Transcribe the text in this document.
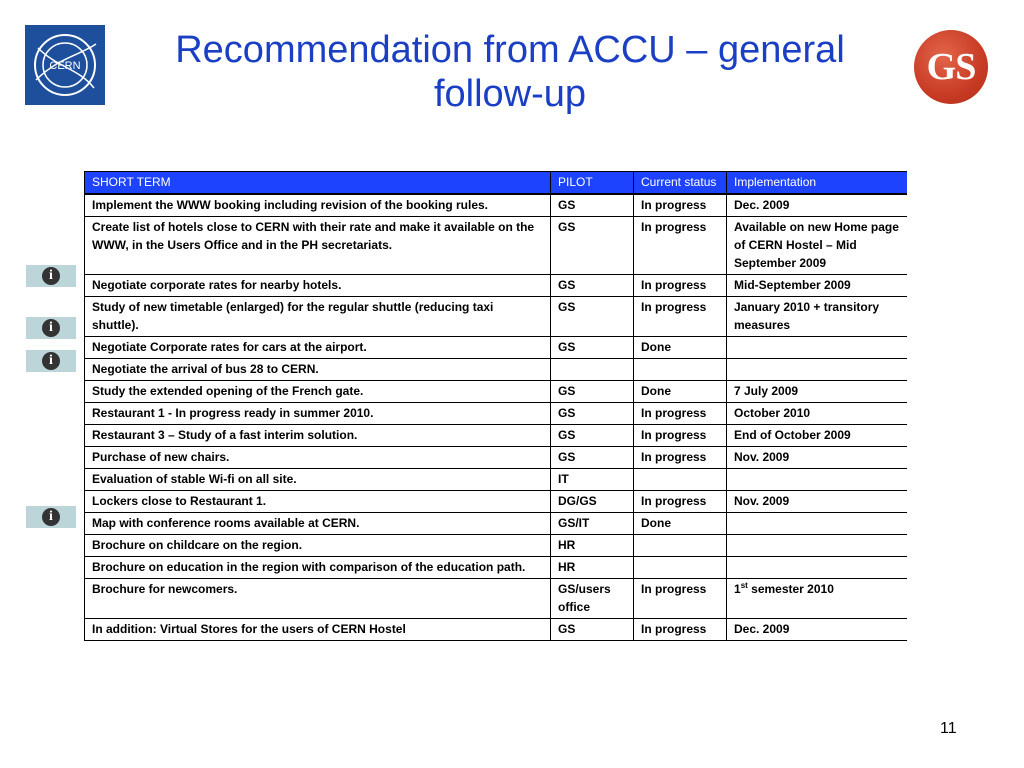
CERN	Recommendation from ACCU – general
follow-up
GS
i
i
i
i
SHORT TERM	PILOT	Current status	Implementation
Implement the WWW booking including revision of the booking rules.	GS	In progress	Dec. 2009
Create list of hotels close to CERN with their rate and make it available on the WWW, in the Users Office and in the PH secretariats.	GS	In progress	Available on new Home page of CERN Hostel – Mid September 2009
Negotiate corporate rates for nearby hotels.	GS	In progress	Mid-September 2009
Study of new timetable (enlarged) for the regular shuttle (reducing taxi shuttle).	GS	In progress	January 2010 + transitory measures
Negotiate Corporate rates for cars at the airport.	GS	Done	
Negotiate the arrival of bus 28 to CERN.			
Study the extended opening of the French gate.	GS	Done	7 July 2009
Restaurant 1 - In progress ready in summer 2010.	GS	In progress	October 2010
Restaurant 3 – Study of a fast interim solution.	GS	In progress	End of October 2009
Purchase of new chairs.	GS	In progress	Nov. 2009
Evaluation of stable Wi-fi on all site.	IT		
Lockers close to Restaurant 1.	DG/GS	In progress	Nov. 2009
Map with conference rooms available at CERN.	GS/IT	Done	
Brochure on childcare on the region.	HR		
Brochure on education in the region with comparison of the education path.	HR		
Brochure for newcomers.	GS/users office	In progress	1st semester 2010
In addition: Virtual Stores for the users of CERN Hostel	GS	In progress	Dec. 2009
11
